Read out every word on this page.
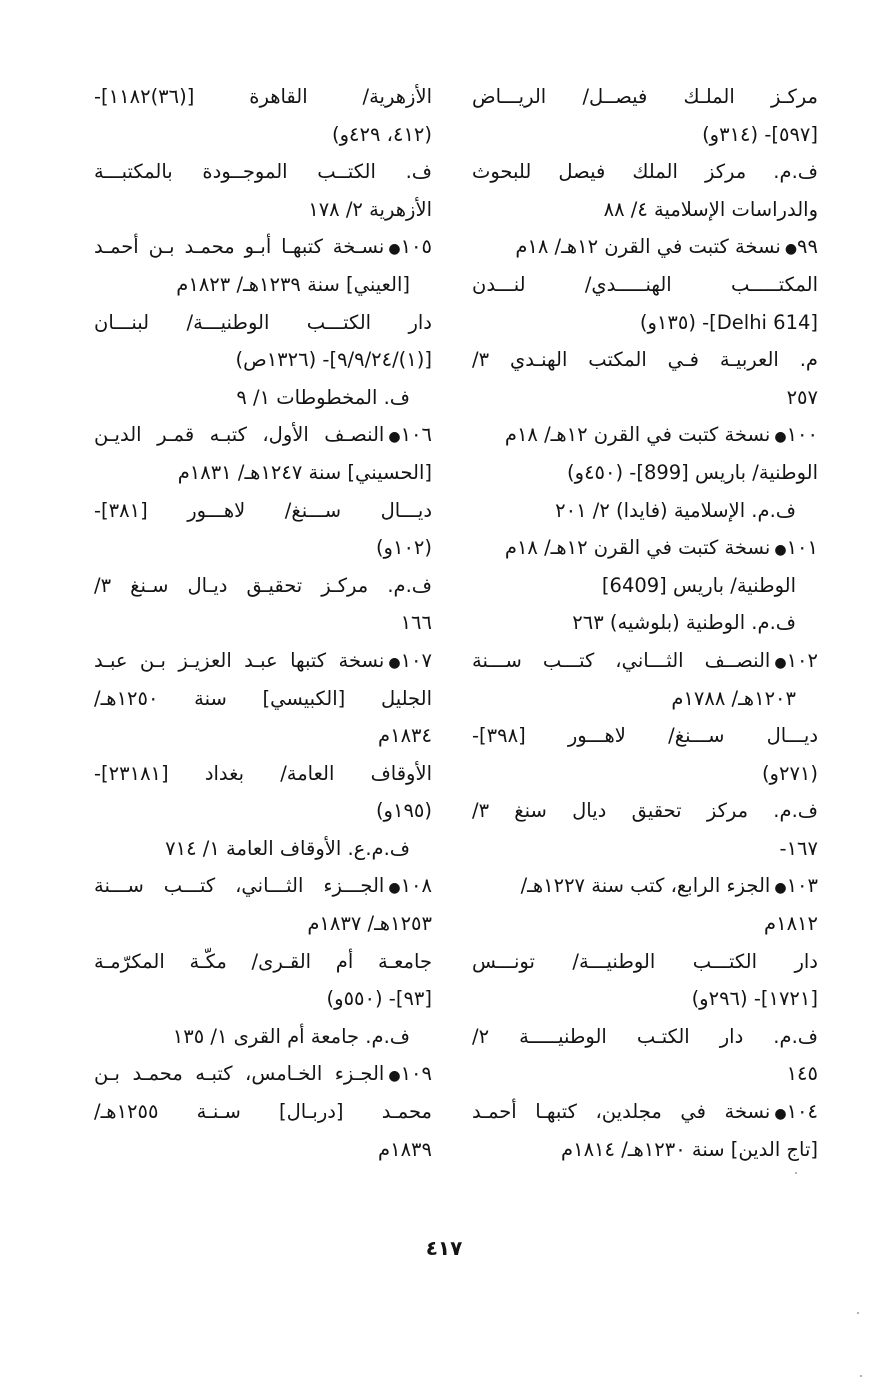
مركـز الملـك فيصــل/ الريـــاض
[٥٩٧]- (٣١٤و)
ف.م. مركز الملك فيصل للبحوث
والدراسات الإسلامية ٤/ ٨٨
٩٩●
نسخة كتبت في القرن ١٢هـ/ ١٨م
المكتـــــب الهنـــــدي/ لنـــدن
[Delhi 614]- (١٣٥و)
م. العربيـة فـي المكتب الهنـدي ٣/
٢٥٧
١٠٠●
نسخة كتبت في القرن ١٢هـ/ ١٨م
الوطنية/ باريس [899]- (٤٥٠و)
ف.م. الإسلامية (فايدا) ٢/ ٢٠١
١٠١●
نسخة كتبت في القرن ١٢هـ/ ١٨م
الوطنية/ باريس [6409]
ف.م. الوطنية (بلوشيه) ٢٦٣
١٠٢●
النصــف الثـــاني، كتـــب ســـنة
١٢٠٣هـ/ ١٧٨٨م
ديـــال ســـنغ/ لاهـــور [٣٩٨]-
(٢٧١و)
ف.م. مركز تحقيق ديال سنغ ٣/
١٦٧-
١٠٣●
الجزء الرابع، كتب سنة ١٢٢٧هـ/
١٨١٢م
دار الكتـــب الوطنيـــة/ تونـــس
[١٧٢١]- (٢٩٦و)
ف.م. دار الكتـب الوطنيـــــة ٢/
١٤٥
١٠٤●
نسخة في مجلدين، كتبهـا أحمـد
[تاج الدين] سنة ١٢٣٠هـ/ ١٨١٤م
الأزهرية/ القاهرة [(٣٦)١١٨٢]-
(٤١٢، ٤٢٩و)
ف. الكتــب الموجــودة بالمكتبـــة
الأزهرية ٢/ ١٧٨
١٠٥●
نسـخة كتبهـا أبـو محمـد بـن أحمـد
[العيني] سنة ١٢٣٩هـ/ ١٨٢٣م
دار الكتـــب الوطنيـــة/ لبنـــان
[(١)/٩/٩/٢٤]- (١٣٢٦ص)
ف. المخطوطات ١/ ٩
١٠٦●
النصـف الأول، كتبـه قمـر الديـن
[الحسيني] سنة ١٢٤٧هـ/ ١٨٣١م
ديـــال ســـنغ/ لاهـــور [٣٨١]-
(١٠٢و)
ف.م. مركـز تحقيـق ديـال سـنغ ٣/
١٦٦
١٠٧●
نسخة كتبها عبـد العزيـز بـن عبـد
الجليل [الكبيسي] سنة ١٢٥٠هـ/
١٨٣٤م
الأوقاف العامة/ بغداد [٢٣١٨١]-
(١٩٥و)
ف.م.ع. الأوقاف العامة ١/ ٧١٤
١٠٨●
الجـــزء الثـــاني، كتـــب ســـنة
١٢٥٣هـ/ ١٨٣٧م
جامعـة أم القـرى/ مكّـة المكرّمـة
[٩٣]- (٥٥٠و)
ف.م. جامعة أم القرى ١/ ١٣٥
١٠٩●
الجـزء الخـامس، كتبـه محمـد بـن
محمـد [دربـال] سـنـة ١٢٥٥هـ/
١٨٣٩م
٤١٧
